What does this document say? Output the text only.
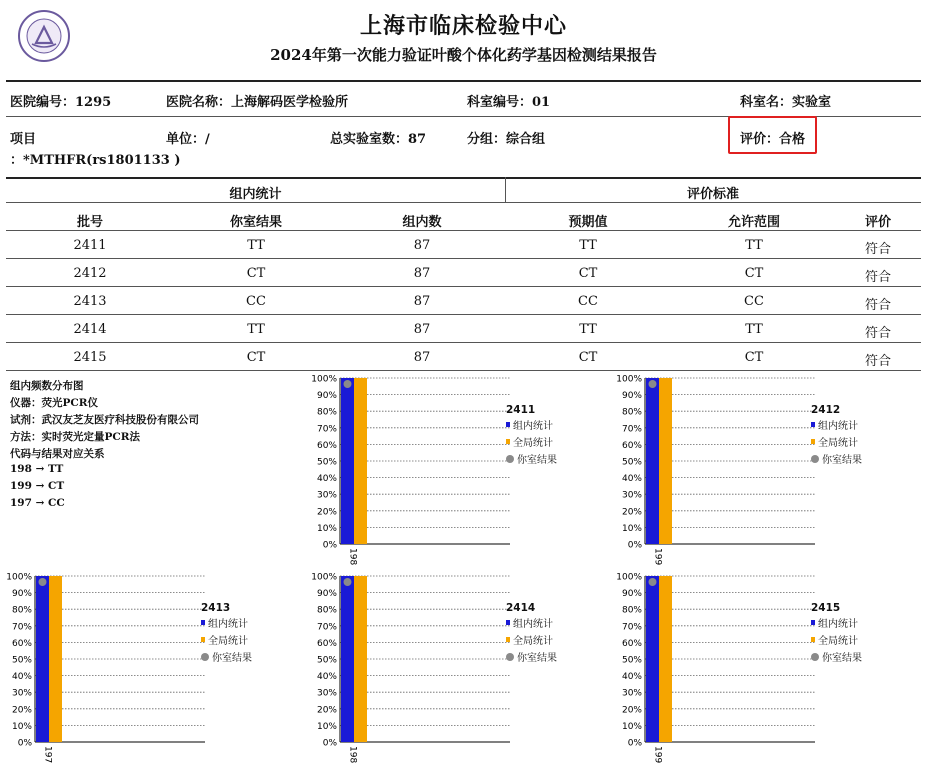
上海市临床检验中心
2024年第一次能力验证叶酸个体化药学基因检测结果报告
医院编号：1295	医院名称：上海解码医学检验所	科室编号：01	科室名：实验室
项目
：*MTHFR(rs1801133 )
单位：/	总实验室数：87	分组：综合组	评价：合格
组内统计	评价标准
批号	你室结果	组内数	预期值	允许范围	评价
2411	TT	87	TT	TT	符合
2412	CT	87	CT	CT	符合
2413	CC	87	CC	CC	符合
2414	TT	87	TT	TT	符合
2415	CT	87	CT	CT	符合
组内频数分布图
仪器：荧光PCR仪
试剂：武汉友芝友医疗科技股份有限公司
方法：实时荧光定量PCR法
代码与结果对应关系
198 → TT
199 → CT
197 → CC
0%
10%
20%
30%
40%
50%
60%
70%
80%
90%
100%
198
2411
组内统计
全局统计
你室结果
0%
10%
20%
30%
40%
50%
60%
70%
80%
90%
100%
199
2412
组内统计
全局统计
你室结果
0%
10%
20%
30%
40%
50%
60%
70%
80%
90%
100%
197
2413
组内统计
全局统计
你室结果
0%
10%
20%
30%
40%
50%
60%
70%
80%
90%
100%
198
2414
组内统计
全局统计
你室结果
0%
10%
20%
30%
40%
50%
60%
70%
80%
90%
100%
199
2415
组内统计
全局统计
你室结果
